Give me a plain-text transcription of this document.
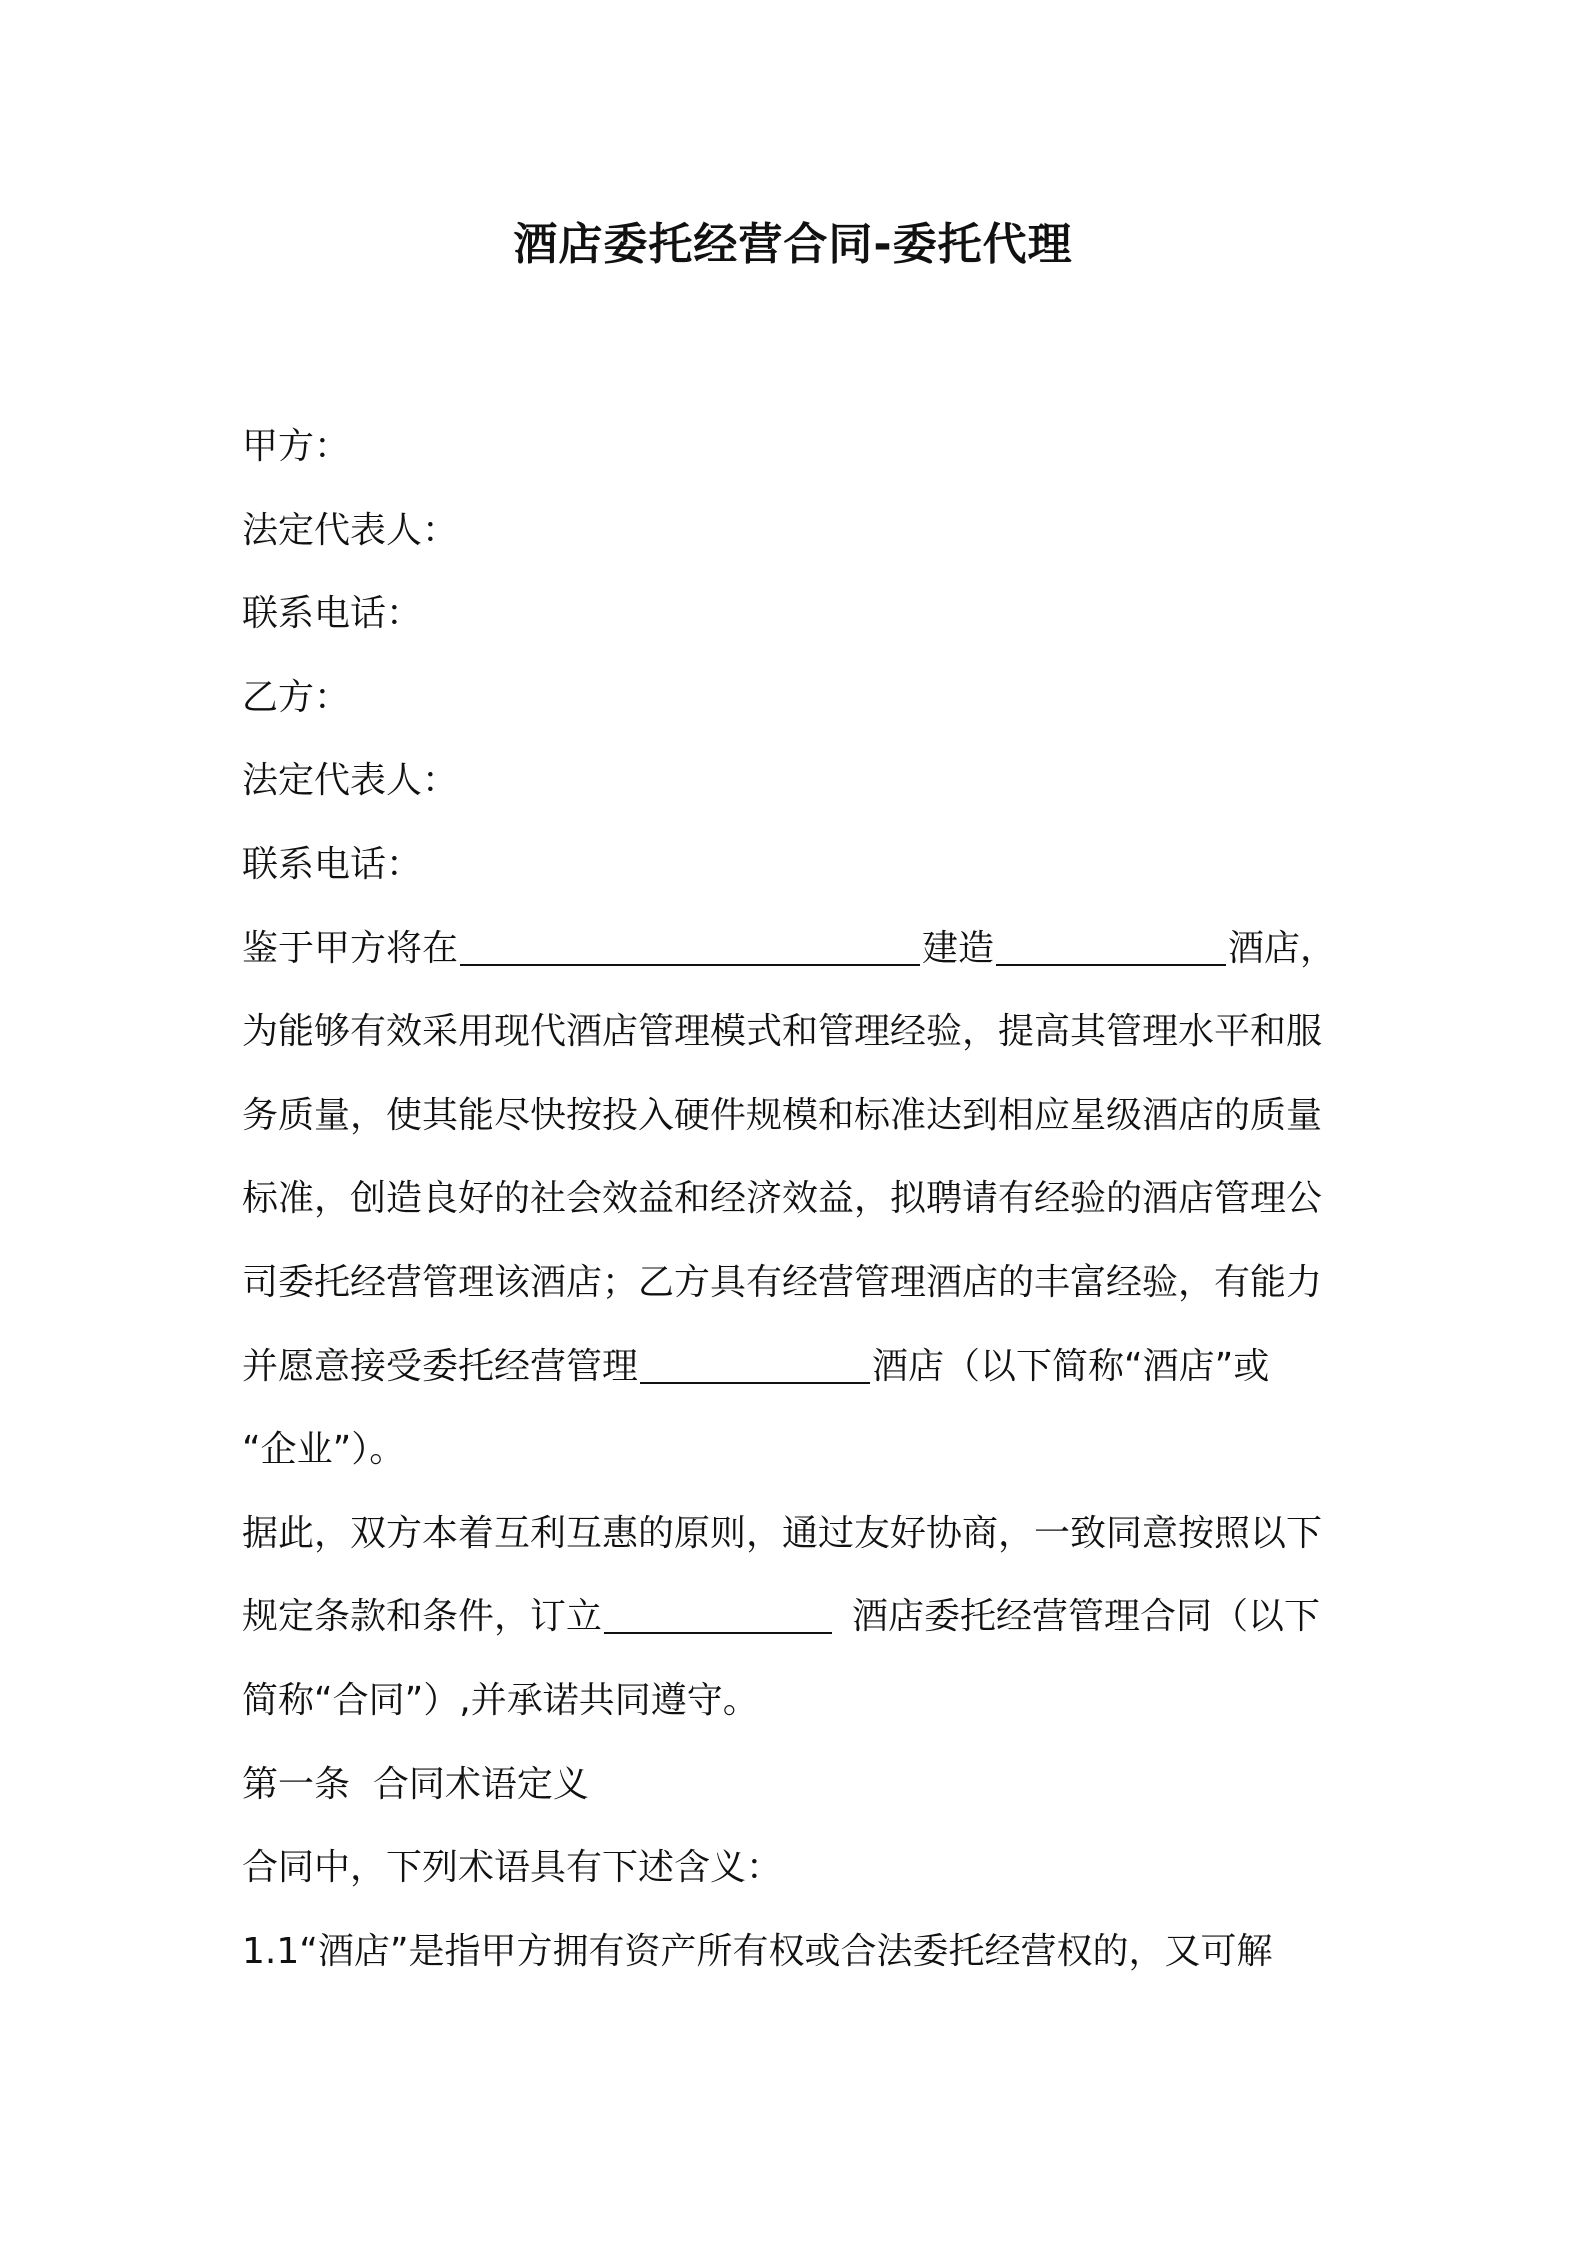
酒店委托经营合同-委托代理
甲方：
法定代表人：
联系电话：
乙方：
法定代表人：
联系电话：
鉴于甲方将在	建造	酒店，
为能够有效采用现代酒店管理模式和管理经验，提高其管理水平和服
务质量，使其能尽快按投入硬件规模和标准达到相应星级酒店的质量
标准，创造良好的社会效益和经济效益，拟聘请有经验的酒店管理公
司委托经营管理该酒店；乙方具有经营管理酒店的丰富经验，有能力
并愿意接受委托经营管理	酒店（以下简称“酒店”或
“企业”）。
据此，双方本着互利互惠的原则，通过友好协商，一致同意按照以下
规定条款和条件，订立	酒店委托经营管理合同（以下
简称“合同”）,并承诺共同遵守。
第一条  合同术语定义
合同中，下列术语具有下述含义：
1.1“酒店”是指甲方拥有资产所有权或合法委托经营权的，又可解
